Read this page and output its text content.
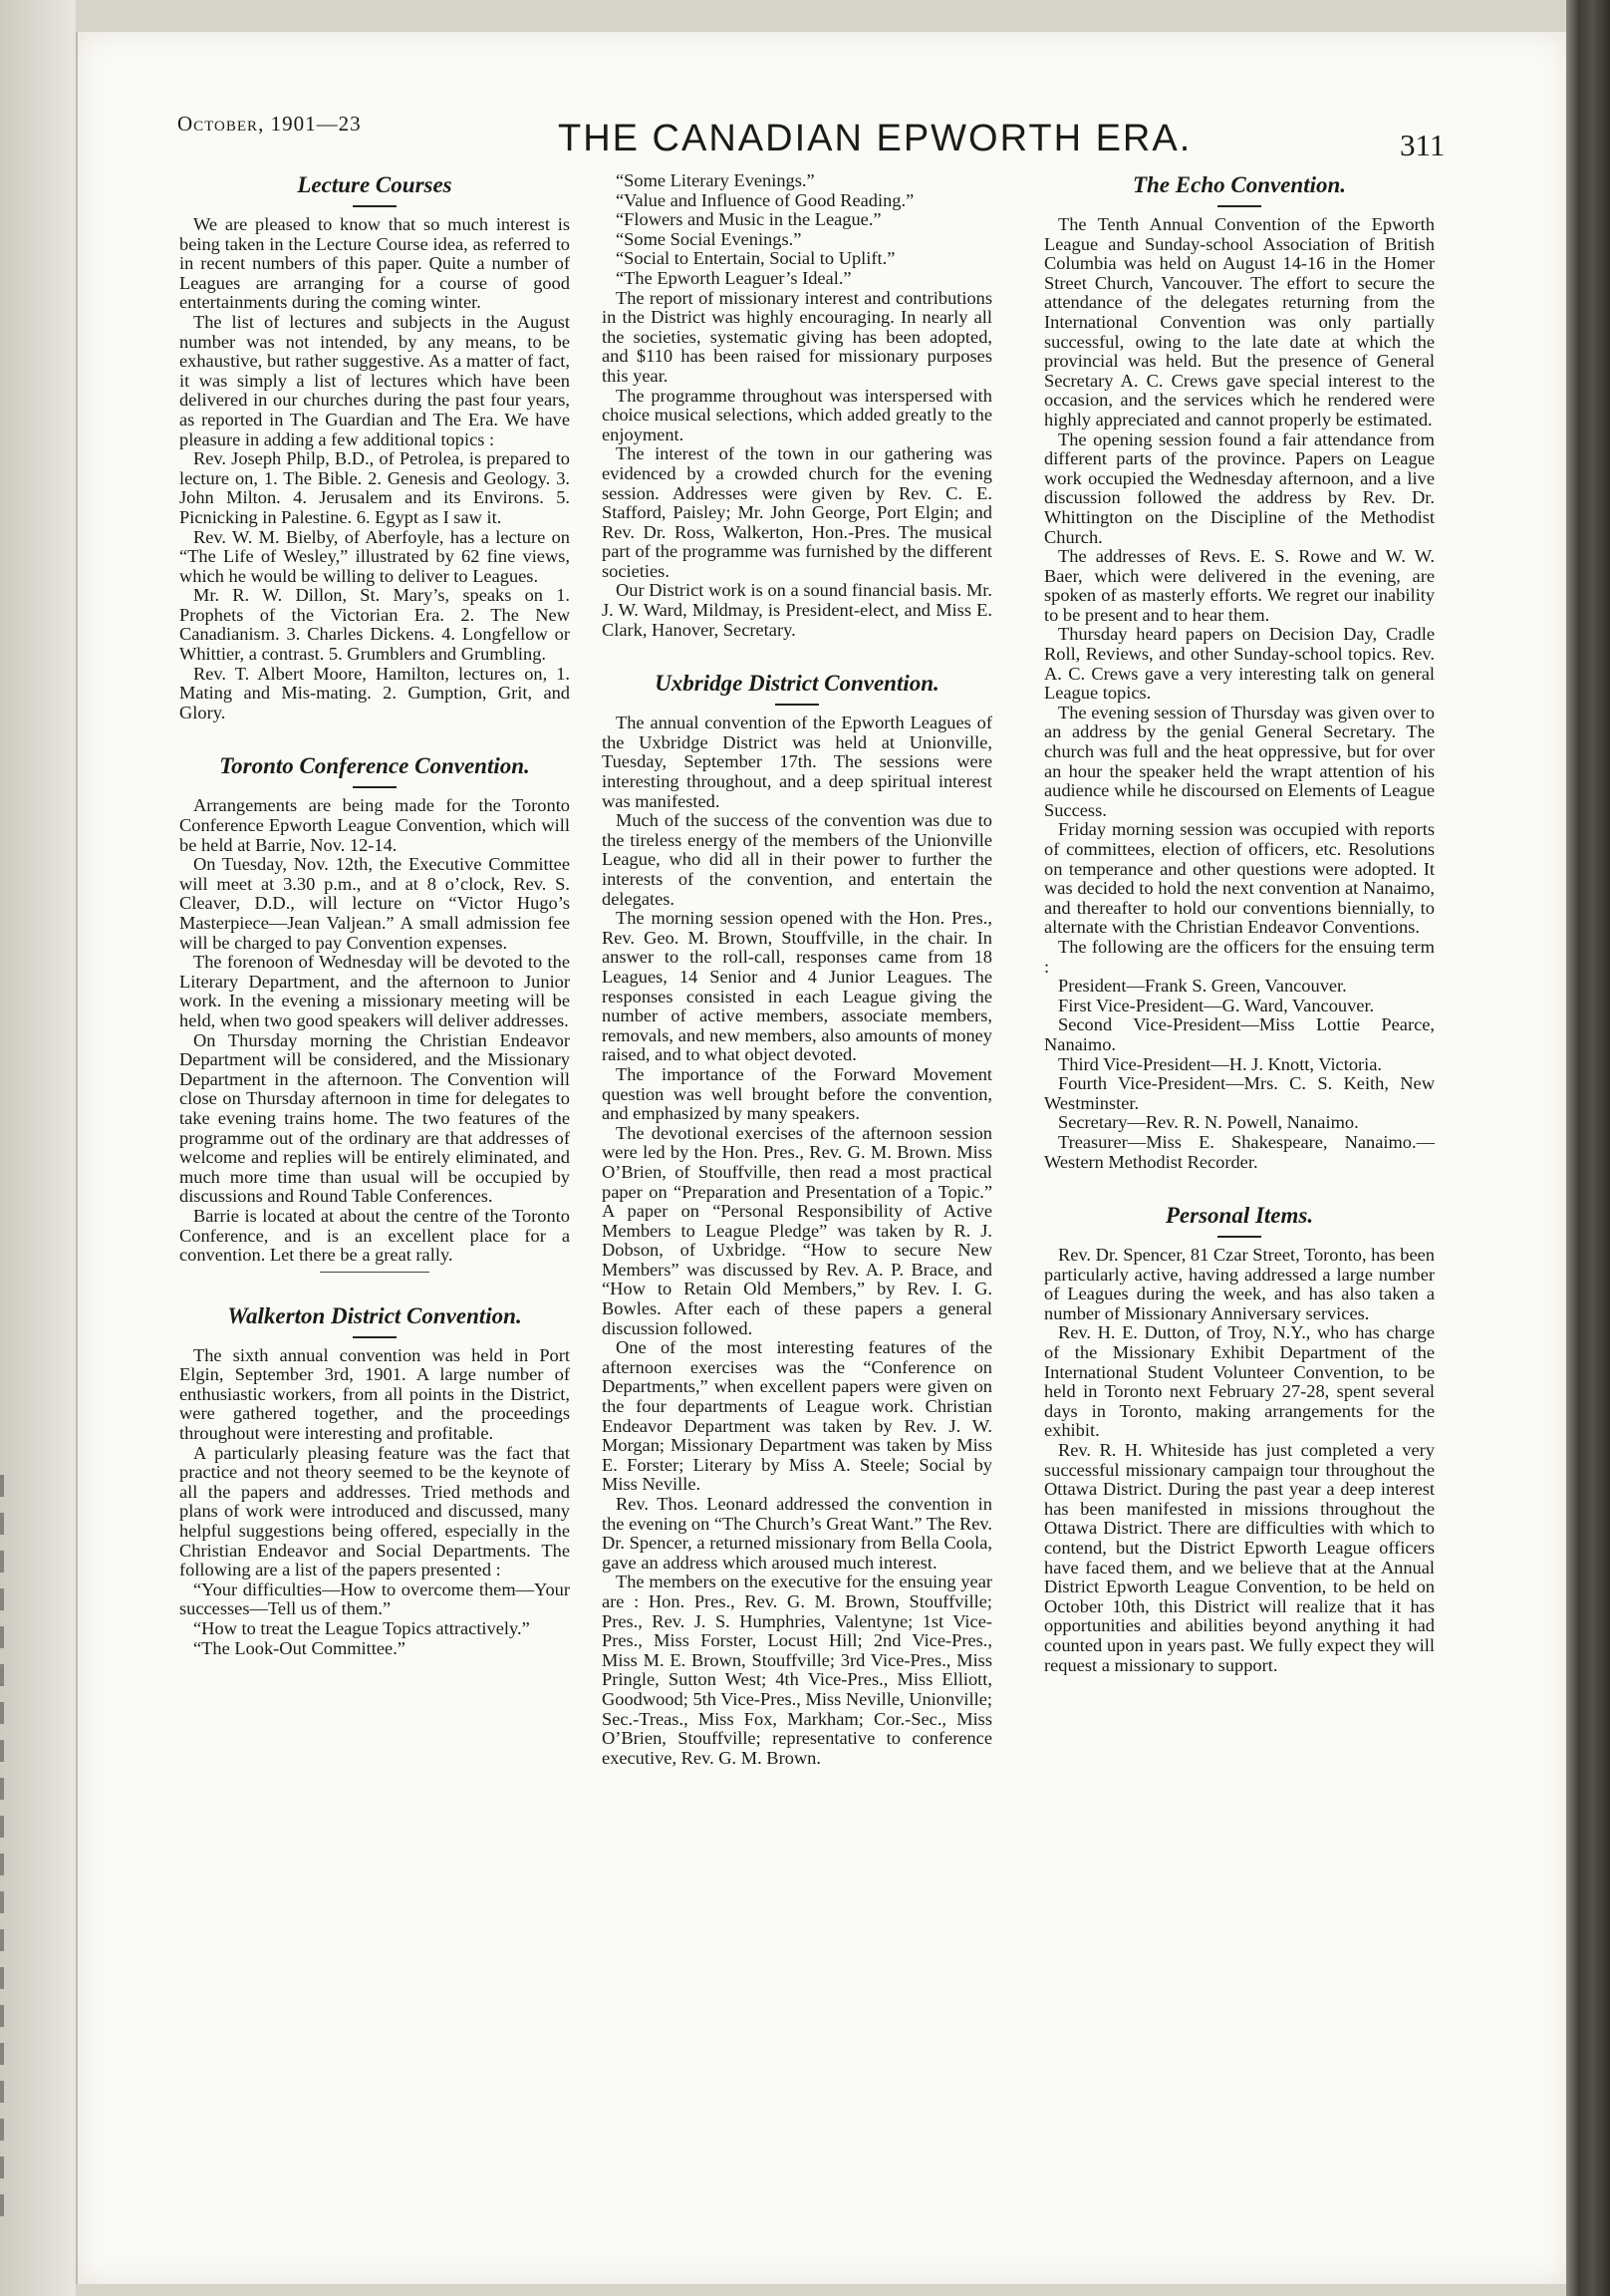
October, 1901—23	THE CANADIAN EPWORTH ERA.	311
Lecture Courses

We are pleased to know that so much interest is being taken in the Lecture Course idea, as referred to in recent numbers of this paper. Quite a number of Leagues are arranging for a course of good entertainments during the coming winter.

The list of lectures and subjects in the August number was not intended, by any means, to be exhaustive, but rather suggestive. As a matter of fact, it was simply a list of lectures which have been delivered in our churches during the past four years, as reported in The Guardian and The Era. We have pleasure in adding a few additional topics :

Rev. Joseph Philp, B.D., of Petrolea, is prepared to lecture on, 1. The Bible. 2. Genesis and Geology. 3. John Milton. 4. Jerusalem and its Environs. 5. Picnicking in Palestine. 6. Egypt as I saw it.

Rev. W. M. Bielby, of Aberfoyle, has a lecture on “The Life of Wesley,” illustrated by 62 fine views, which he would be willing to deliver to Leagues.

Mr. R. W. Dillon, St. Mary’s, speaks on 1. Prophets of the Victorian Era. 2. The New Canadianism. 3. Charles Dickens. 4. Longfellow or Whittier, a contrast. 5. Grumblers and Grumbling.

Rev. T. Albert Moore, Hamilton, lectures on, 1. Mating and Mis-mating. 2. Gumption, Grit, and Glory.

Toronto Conference Convention.

Arrangements are being made for the Toronto Conference Epworth League Convention, which will be held at Barrie, Nov. 12-14.

On Tuesday, Nov. 12th, the Executive Committee will meet at 3.30 p.m., and at 8 o’clock, Rev. S. Cleaver, D.D., will lecture on “Victor Hugo’s Masterpiece—Jean Valjean.” A small admission fee will be charged to pay Convention expenses.

The forenoon of Wednesday will be devoted to the Literary Department, and the afternoon to Junior work. In the evening a missionary meeting will be held, when two good speakers will deliver addresses.

On Thursday morning the Christian Endeavor Department will be considered, and the Missionary Department in the afternoon. The Convention will close on Thursday afternoon in time for delegates to take evening trains home. The two features of the programme out of the ordinary are that addresses of welcome and replies will be entirely eliminated, and much more time than usual will be occupied by discussions and Round Table Conferences.

Barrie is located at about the centre of the Toronto Conference, and is an excellent place for a convention. Let there be a great rally.

Walkerton District Convention.

The sixth annual convention was held in Port Elgin, September 3rd, 1901. A large number of enthusiastic workers, from all points in the District, were gathered together, and the proceedings throughout were interesting and profitable.

A particularly pleasing feature was the fact that practice and not theory seemed to be the keynote of all the papers and addresses. Tried methods and plans of work were introduced and discussed, many helpful suggestions being offered, especially in the Christian Endeavor and Social Departments. The following are a list of the papers presented :

“Your difficulties—How to overcome them—Your successes—Tell us of them.”

“How to treat the League Topics attractively.”

“The Look-Out Committee.”

“Some Literary Evenings.”

“Value and Influence of Good Reading.”

“Flowers and Music in the League.”

“Some Social Evenings.”

“Social to Entertain, Social to Uplift.”

“The Epworth Leaguer’s Ideal.”

The report of missionary interest and contributions in the District was highly encouraging. In nearly all the societies, systematic giving has been adopted, and $110 has been raised for missionary purposes this year.

The programme throughout was interspersed with choice musical selections, which added greatly to the enjoyment.

The interest of the town in our gathering was evidenced by a crowded church for the evening session. Addresses were given by Rev. C. E. Stafford, Paisley; Mr. John George, Port Elgin; and Rev. Dr. Ross, Walkerton, Hon.-Pres. The musical part of the programme was furnished by the different societies.

Our District work is on a sound financial basis. Mr. J. W. Ward, Mildmay, is President-elect, and Miss E. Clark, Hanover, Secretary.

Uxbridge District Convention.

The annual convention of the Epworth Leagues of the Uxbridge District was held at Unionville, Tuesday, September 17th. The sessions were interesting throughout, and a deep spiritual interest was manifested.

Much of the success of the convention was due to the tireless energy of the members of the Unionville League, who did all in their power to further the interests of the convention, and entertain the delegates.

The morning session opened with the Hon. Pres., Rev. Geo. M. Brown, Stouffville, in the chair. In answer to the roll-call, responses came from 18 Leagues, 14 Senior and 4 Junior Leagues. The responses consisted in each League giving the number of active members, associate members, removals, and new members, also amounts of money raised, and to what object devoted.

The importance of the Forward Movement question was well brought before the convention, and emphasized by many speakers.

The devotional exercises of the afternoon session were led by the Hon. Pres., Rev. G. M. Brown. Miss O’Brien, of Stouffville, then read a most practical paper on “Preparation and Presentation of a Topic.” A paper on “Personal Responsibility of Active Members to League Pledge” was taken by R. J. Dobson, of Uxbridge. “How to secure New Members” was discussed by Rev. A. P. Brace, and “How to Retain Old Members,” by Rev. I. G. Bowles. After each of these papers a general discussion followed.

One of the most interesting features of the afternoon exercises was the “Conference on Departments,” when excellent papers were given on the four departments of League work. Christian Endeavor Department was taken by Rev. J. W. Morgan; Missionary Department was taken by Miss E. Forster; Literary by Miss A. Steele; Social by Miss Neville.

Rev. Thos. Leonard addressed the convention in the evening on “The Church’s Great Want.” The Rev. Dr. Spencer, a returned missionary from Bella Coola, gave an address which aroused much interest.

The members on the executive for the ensuing year are : Hon. Pres., Rev. G. M. Brown, Stouffville; Pres., Rev. J. S. Humphries, Valentyne; 1st Vice-Pres., Miss Forster, Locust Hill; 2nd Vice-Pres., Miss M. E. Brown, Stouffville; 3rd Vice-Pres., Miss Pringle, Sutton West; 4th Vice-Pres., Miss Elliott, Goodwood; 5th Vice-Pres., Miss Neville, Unionville; Sec.-Treas., Miss Fox, Markham; Cor.-Sec., Miss O’Brien, Stouffville; representative to conference executive, Rev. G. M. Brown.

The Echo Convention.

The Tenth Annual Convention of the Epworth League and Sunday-school Association of British Columbia was held on August 14-16 in the Homer Street Church, Vancouver. The effort to secure the attendance of the delegates returning from the International Convention was only partially successful, owing to the late date at which the provincial was held. But the presence of General Secretary A. C. Crews gave special interest to the occasion, and the services which he rendered were highly appreciated and cannot properly be estimated.

The opening session found a fair attendance from different parts of the province. Papers on League work occupied the Wednesday afternoon, and a live discussion followed the address by Rev. Dr. Whittington on the Discipline of the Methodist Church.

The addresses of Revs. E. S. Rowe and W. W. Baer, which were delivered in the evening, are spoken of as masterly efforts. We regret our inability to be present and to hear them.

Thursday heard papers on Decision Day, Cradle Roll, Reviews, and other Sunday-school topics. Rev. A. C. Crews gave a very interesting talk on general League topics.

The evening session of Thursday was given over to an address by the genial General Secretary. The church was full and the heat oppressive, but for over an hour the speaker held the wrapt attention of his audience while he discoursed on Elements of League Success.

Friday morning session was occupied with reports of committees, election of officers, etc. Resolutions on temperance and other questions were adopted. It was decided to hold the next convention at Nanaimo, and thereafter to hold our conventions biennially, to alternate with the Christian Endeavor Conventions.

The following are the officers for the ensuing term :

President—Frank S. Green, Vancouver.

First Vice-President—G. Ward, Vancouver.

Second Vice-President—Miss Lottie Pearce, Nanaimo.

Third Vice-President—H. J. Knott, Victoria.

Fourth Vice-President—Mrs. C. S. Keith, New Westminster.

Secretary—Rev. R. N. Powell, Nanaimo.

Treasurer—Miss E. Shakespeare, Nanaimo.—Western Methodist Recorder.

Personal Items.

Rev. Dr. Spencer, 81 Czar Street, Toronto, has been particularly active, having addressed a large number of Leagues during the week, and has also taken a number of Missionary Anniversary services.

Rev. H. E. Dutton, of Troy, N.Y., who has charge of the Missionary Exhibit Department of the International Student Volunteer Convention, to be held in Toronto next February 27-28, spent several days in Toronto, making arrangements for the exhibit.

Rev. R. H. Whiteside has just completed a very successful missionary campaign tour throughout the Ottawa District. During the past year a deep interest has been manifested in missions throughout the Ottawa District. There are difficulties with which to contend, but the District Epworth League officers have faced them, and we believe that at the Annual District Epworth League Convention, to be held on October 10th, this District will realize that it has opportunities and abilities beyond anything it had counted upon in years past. We fully expect they will request a missionary to support.
